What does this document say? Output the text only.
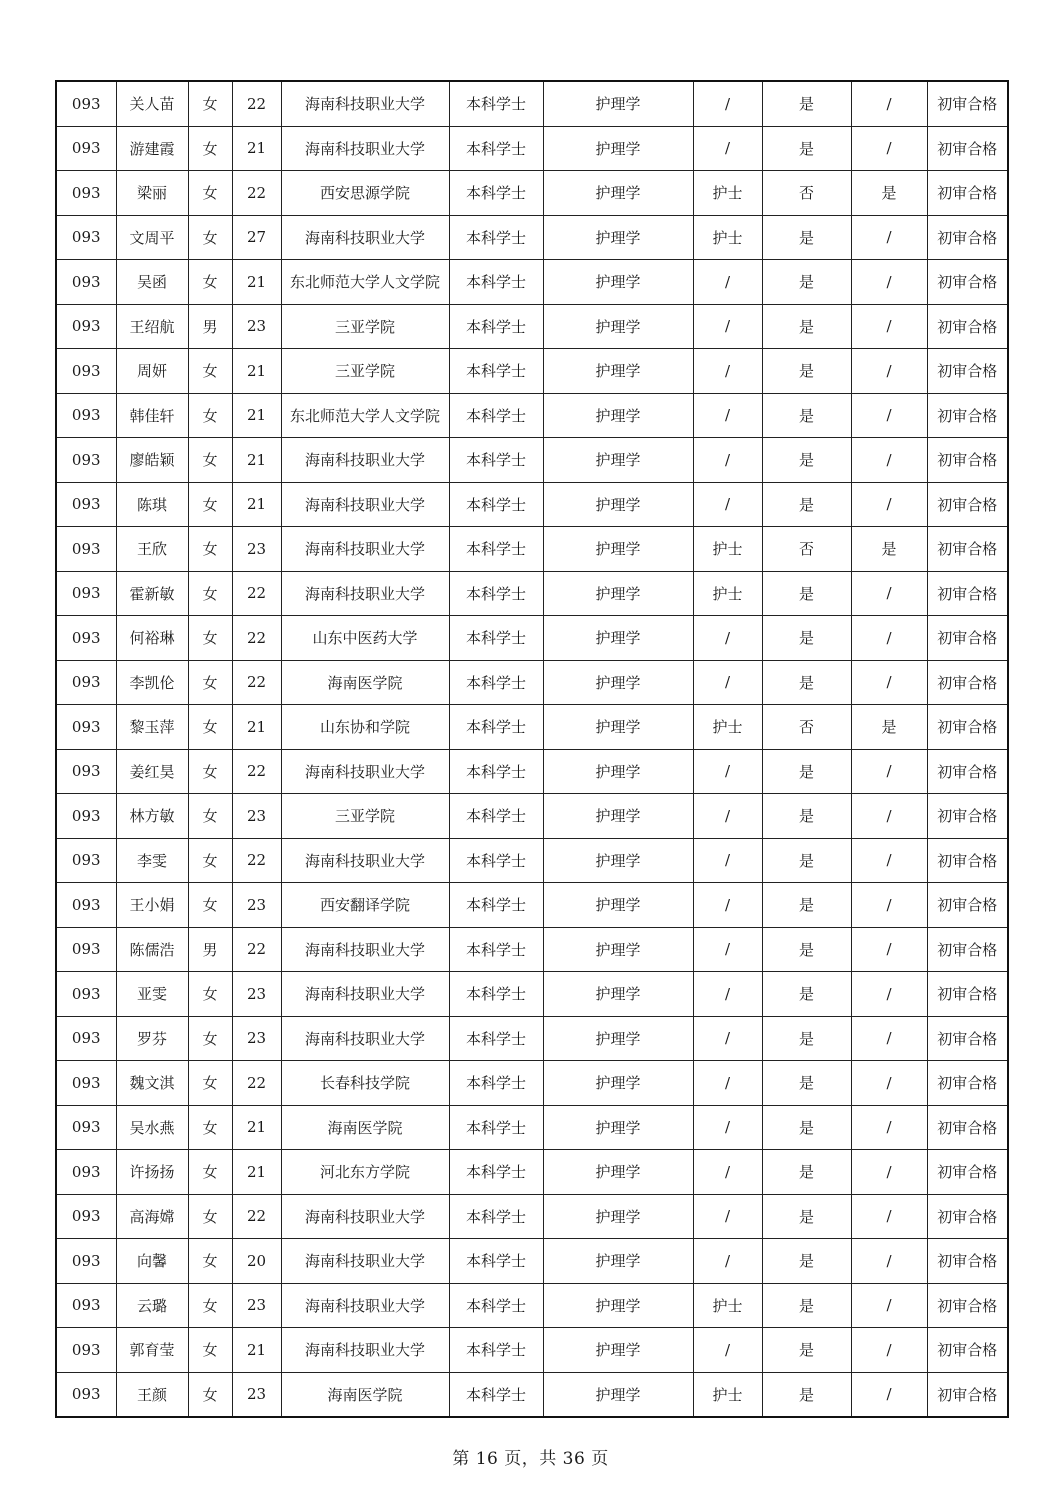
093	关人苗	女	22	海南科技职业大学	本科学士	护理学	/	是	/	初审合格
093	游建霞	女	21	海南科技职业大学	本科学士	护理学	/	是	/	初审合格
093	梁丽	女	22	西安思源学院	本科学士	护理学	护士	否	是	初审合格
093	文周平	女	27	海南科技职业大学	本科学士	护理学	护士	是	/	初审合格
093	吴函	女	21	东北师范大学人文学院	本科学士	护理学	/	是	/	初审合格
093	王绍航	男	23	三亚学院	本科学士	护理学	/	是	/	初审合格
093	周妍	女	21	三亚学院	本科学士	护理学	/	是	/	初审合格
093	韩佳轩	女	21	东北师范大学人文学院	本科学士	护理学	/	是	/	初审合格
093	廖皓颖	女	21	海南科技职业大学	本科学士	护理学	/	是	/	初审合格
093	陈琪	女	21	海南科技职业大学	本科学士	护理学	/	是	/	初审合格
093	王欣	女	23	海南科技职业大学	本科学士	护理学	护士	否	是	初审合格
093	霍新敏	女	22	海南科技职业大学	本科学士	护理学	护士	是	/	初审合格
093	何裕琳	女	22	山东中医药大学	本科学士	护理学	/	是	/	初审合格
093	李凯伦	女	22	海南医学院	本科学士	护理学	/	是	/	初审合格
093	黎玉萍	女	21	山东协和学院	本科学士	护理学	护士	否	是	初审合格
093	姜红昊	女	22	海南科技职业大学	本科学士	护理学	/	是	/	初审合格
093	林方敏	女	23	三亚学院	本科学士	护理学	/	是	/	初审合格
093	李雯	女	22	海南科技职业大学	本科学士	护理学	/	是	/	初审合格
093	王小娟	女	23	西安翻译学院	本科学士	护理学	/	是	/	初审合格
093	陈儒浩	男	22	海南科技职业大学	本科学士	护理学	/	是	/	初审合格
093	亚雯	女	23	海南科技职业大学	本科学士	护理学	/	是	/	初审合格
093	罗芬	女	23	海南科技职业大学	本科学士	护理学	/	是	/	初审合格
093	魏文淇	女	22	长春科技学院	本科学士	护理学	/	是	/	初审合格
093	吴水燕	女	21	海南医学院	本科学士	护理学	/	是	/	初审合格
093	许扬扬	女	21	河北东方学院	本科学士	护理学	/	是	/	初审合格
093	高海嫦	女	22	海南科技职业大学	本科学士	护理学	/	是	/	初审合格
093	向馨	女	20	海南科技职业大学	本科学士	护理学	/	是	/	初审合格
093	云璐	女	23	海南科技职业大学	本科学士	护理学	护士	是	/	初审合格
093	郭育莹	女	21	海南科技职业大学	本科学士	护理学	/	是	/	初审合格
093	王颜	女	23	海南医学院	本科学士	护理学	护士	是	/	初审合格
第 16 页，共 36 页
